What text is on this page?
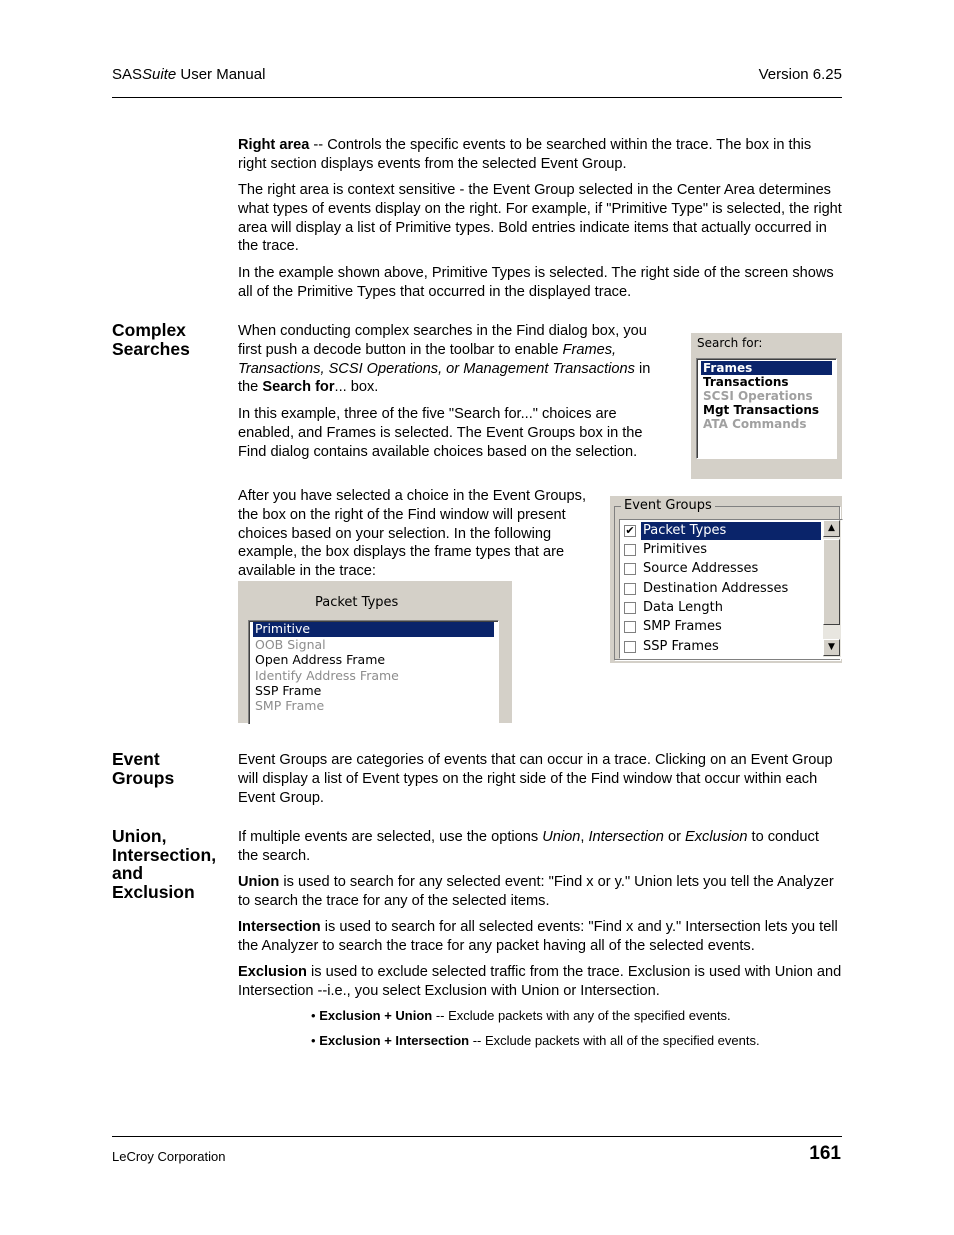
SASSuite User Manual	Version 6.25

Right area -- Controls the specific events to be searched within the trace. The box in this right section displays events from the selected Event Group.

The right area is context sensitive - the Event Group selected in the Center Area determines what types of events display on the right. For example, if "Primitive Type" is selected, the right area will display a list of Primitive types. Bold entries indicate items that actually occurred in the trace.

In the example shown above, Primitive Types is selected. The right side of the screen shows all of the Primitive Types that occurred in the displayed trace.

Complex
Searches

When conducting complex searches in the Find dialog box, you first push a decode button in the toolbar to enable Frames, Transactions, SCSI Operations, or Management Transactions in the Search for... box.

In this example, three of the five "Search for..." choices are enabled, and Frames is selected. The Event Groups box in the Find dialog contains available choices based on the selection.

After you have selected a choice in the Event Groups, the box on the right of the Find window will present choices based on your selection. In the following example, the box displays the frame types that are available in the trace:

Search for:
Frames
Transactions
SCSI Operations
Mgt Transactions
ATA Commands
Event Groups
✔ Packet Types
Primitives
Source Addresses
Destination Addresses
Data Length
SMP Frames
SSP Frames
▲
▼
Packet Types
Primitive
OOB Signal
Open Address Frame
Identify Address Frame
SSP Frame
SMP Frame
Event
Groups

Event Groups are categories of events that can occur in a trace. Clicking on an Event Group will display a list of Event types on the right side of the Find window that occur within each Event Group.

Union,
Intersection,
and
Exclusion

If multiple events are selected, use the options Union, Intersection or Exclusion to conduct the search.

Union is used to search for any selected event: "Find x or y." Union lets you tell the Analyzer to search the trace for any of the selected items.

Intersection is used to search for all selected events: "Find x and y." Intersection lets you tell the Analyzer to search the trace for any packet having all of the selected events.

Exclusion is used to exclude selected traffic from the trace. Exclusion is used with Union and Intersection --i.e., you select Exclusion with Union or Intersection.

• Exclusion + Union -- Exclude packets with any of the specified events.
• Exclusion + Intersection -- Exclude packets with all of the specified events.
LeCroy Corporation	161
